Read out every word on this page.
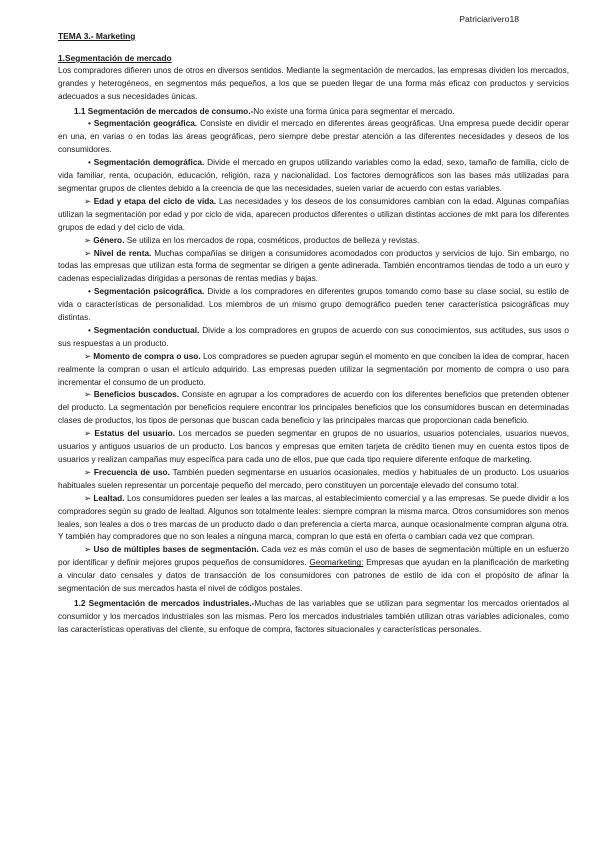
Patriciarivero18
TEMA 3.- Marketing
1.Segmentación de mercado

Los compradores difieren unos de otros en diversos sentidos. Mediante la segmentación de mercados, las empresas dividen los mercados, grandes y heterogéneos, en segmentos más pequeños, a los que se pueden llegar de una forma más eficaz con productos y servicios adecuados a sus necesidades únicas.

1.1 Segmentación de mercados de consumo.-No existe una forma única para segmentar el mercado.

• Segmentación geográfica. Consiste en dividir el mercado en diferentes áreas geográficas. Una empresa puede decidir operar en una, en varias o en todas las áreas geográficas, pero siempre debe prestar atención a las diferentes necesidades y deseos de los consumidores.

• Segmentación demográfica. Divide el mercado en grupos utilizando variables como la edad, sexo, tamaño de familia, ciclo de vida familiar, renta, ocupación, educación, religión, raza y nacionalidad. Los factores demográficos son las bases más utilizadas para segmentar grupos de clientes debido a la creencia de que las necesidades, suelen variar de acuerdo con estas variables.

➢ Edad y etapa del ciclo de vida. Las necesidades y los deseos de los consumidores cambian con la edad. Algunas compañías utilizan la segmentación por edad y por ciclo de vida, aparecen productos diferentes o utilizan distintas acciones de mkt para los diferentes grupos de edad y del ciclo de vida.

➢ Género. Se utiliza en los mercados de ropa, cosméticos, productos de belleza y revistas.

➢ Nivel de renta. Muchas compañías se dirigen a consumidores acomodados con productos y servicios de lujo. Sin embargo, no todas las empresas que utilizan esta forma de segmentar se dirigen a gente adinerada. También encontramos tiendas de todo a un euro y cadenas especializadas dirigidas a personas de rentas medias y bajas.

• Segmentación psicográfica. Divide a los compradores en diferentes grupos tomando como base su clase social, su estilo de vida o características de personalidad. Los miembros de un mismo grupo demográfico pueden tener característica psicográficas muy distintas.

• Segmentación conductual. Divide a los compradores en grupos de acuerdo con sus conocimientos, sus actitudes, sus usos o sus respuestas a un producto.

➢ Momento de compra o uso. Los compradores se pueden agrupar según el momento en que conciben la idea de comprar, hacen realmente la compran o usan el artículo adquirido. Las empresas pueden utilizar la segmentación por momento de compra o uso para incrementar el consumo de un producto.

➢ Beneficios buscados. Consiste en agrupar a los compradores de acuerdo con los diferentes beneficios que pretenden obtener del producto. La segmentación por beneficios requiere encontrar los principales beneficios que los consumidores buscan en determinadas clases de productos, los tipos de personas que buscan cada beneficio y las principales marcas que proporcionan cada beneficio.

➢ Estatus del usuario. Los mercados se pueden segmentar en grupos de no usuarios, usuarios potenciales, usuarios nuevos, usuarios y antiguos usuarios de un producto. Los bancos y empresas que emiten tarjeta de crédito tienen muy en cuenta estos tipos de usuarios y realizan campañas muy específica para cada uno de ellos, pue que cada tipo requiere diferente enfoque de marketing.

➢ Frecuencia de uso. También pueden segmentarse en usuarios ocasionales, medios y habituales de un producto. Los usuarios habituales suelen representar un porcentaje pequeño del mercado, pero constituyen un porcentaje elevado del consumo total.

➢ Lealtad. Los consumidores pueden ser leales a las marcas, al establecimiento comercial y a las empresas. Se puede dividir a los compradores según su grado de lealtad. Algunos son totalmente leales: siempre compran la misma marca. Otros consumidores son menos leales, son leales a dos o tres marcas de un producto dado o dan preferencia a cierta marca, aunque ocasionalmente compran alguna otra. Y también hay compradores que no son leales a ninguna marca, compran lo que está en oferta o cambian cada vez que compran.

➢ Uso de múltiples bases de segmentación. Cada vez es más común el uso de bases de segmentación múltiple en un esfuerzo por identificar y definir mejores grupos pequeños de consumidores. Geomarketing: Empresas que ayudan en la planificación de marketing a vincular dato censales y datos de transacción de los consumidores con patrones de estilo de ida con el propósito de afinar la segmentación de sus mercados hasta el nivel de códigos postales.

1.2 Segmentación de mercados industriales.-Muchas de las variables que se utilizan para segmentar los mercados orientados al consumidor y los mercados industriales son las mismas. Pero los mercados industriales también utilizan otras variables adicionales, como las características operativas del cliente, su enfoque de compra, factores situacionales y características personales.
